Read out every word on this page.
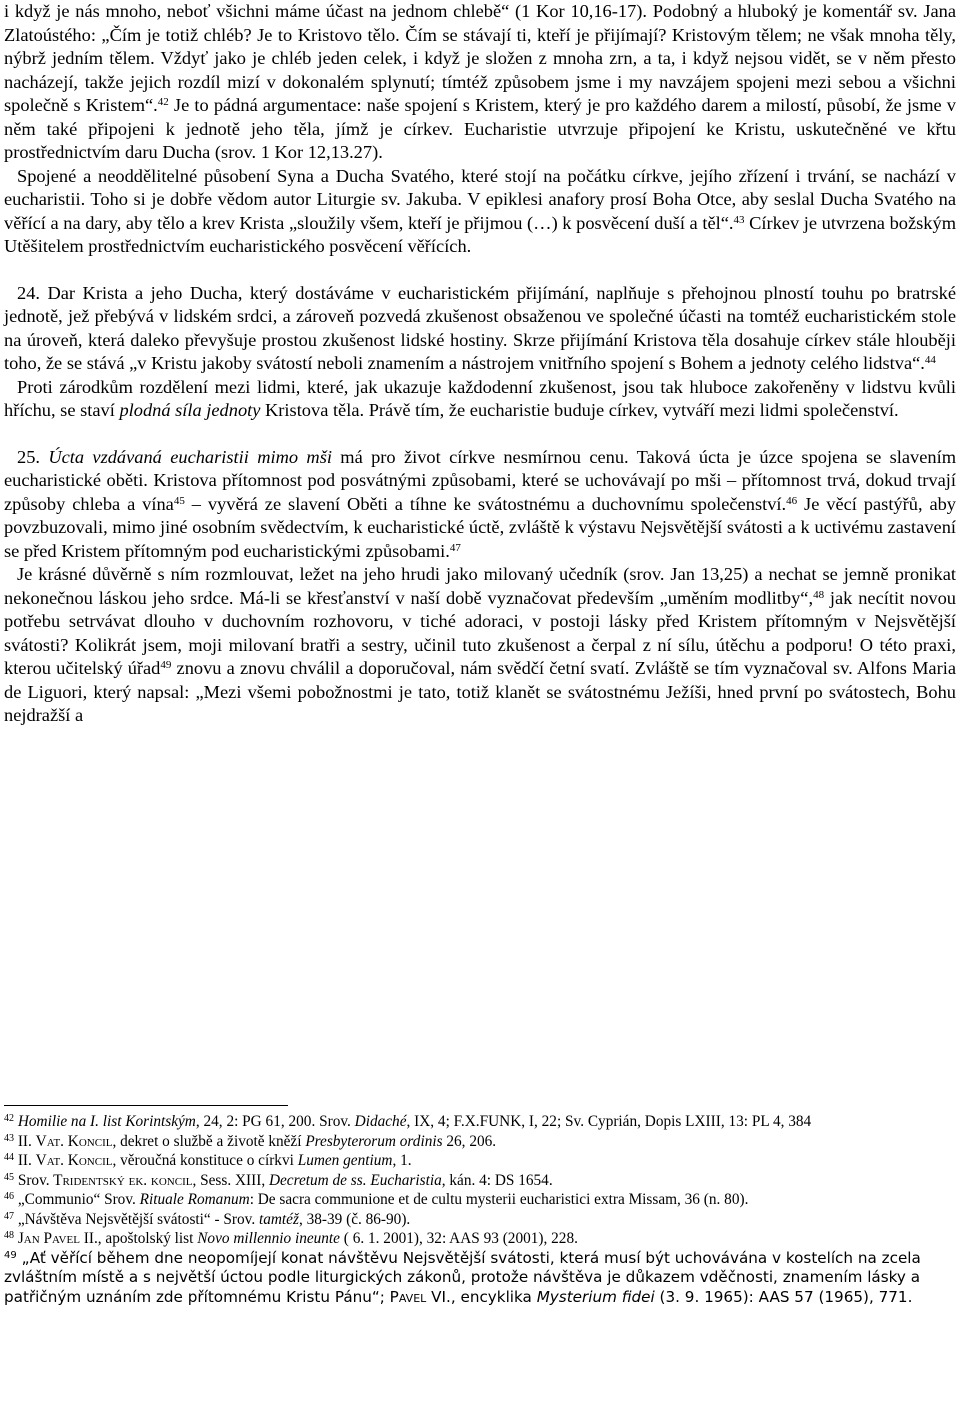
i když je nás mnoho, neboť všichni máme účast na jednom chlebě“ (1 Kor 10,16-17). Podobný a hluboký je komentář sv. Jana Zlatoústého: „Čím je totiž chléb? Je to Kristovo tělo. Čím se stávají ti, kteří je přijímají? Kristovým tělem; ne však mnoha těly, nýbrž jedním tělem. Vždyť jako je chléb jeden celek, i když je složen z mnoha zrn, a ta, i když nejsou vidět, se v něm přesto nacházejí, takže jejich rozdíl mizí v dokonalém splynutí; tímtéž způsobem jsme i my navzájem spojeni mezi sebou a všichni společně s Kristem“.$^{42}$ Je to pádná argumentace: naše spojení s Kristem, který je pro každého darem a milostí, působí, že jsme v něm také připojeni k jednotě jeho těla, jímž je církev. Eucharistie utvrzuje připojení ke Kristu, uskutečněné ve křtu prostřednictvím daru Ducha (srov. 1 Kor 12,13.27).

Spojené a neoddělitelné působení Syna a Ducha Svatého, které stojí na počátku církve, jejího zřízení i trvání, se nachází v eucharistii. Toho si je dobře vědom autor Liturgie sv. Jakuba. V epiklesi anafory prosí Boha Otce, aby seslal Ducha Svatého na věřící a na dary, aby tělo a krev Krista „sloužily všem, kteří je přijmou (…) k posvěcení duší a těl“.$^{43}$ Církev je utvrzena božským Utěšitelem prostřednictvím eucharistického posvěcení věřících.

24. Dar Krista a jeho Ducha, který dostáváme v eucharistickém přijímání, naplňuje s přehojnou plností touhu po bratrské jednotě, jež přebývá v lidském srdci, a zároveň pozvedá zkušenost obsaženou ve společné účasti na tomtéž eucharistickém stole na úroveň, která daleko převyšuje prostou zkušenost lidské hostiny. Skrze přijímání Kristova těla dosahuje církev stále hlouběji toho, že se stává „v Kristu jakoby svátostí neboli znamením a nástrojem vnitřního spojení s Bohem a jednoty celého lidstva“.$^{44}$

Proti zárodkům rozdělení mezi lidmi, které, jak ukazuje každodenní zkušenost, jsou tak hluboce zakořeněny v lidstvu kvůli hříchu, se staví plodná síla jednoty Kristova těla. Právě tím, že eucharistie buduje církev, vytváří mezi lidmi společenství.

25. Úcta vzdávaná eucharistii mimo mši má pro život církve nesmírnou cenu. Taková úcta je úzce spojena se slavením eucharistické oběti. Kristova přítomnost pod posvátnými způsobami, které se uchovávají po mši – přítomnost trvá, dokud trvají způsoby chleba a vína$^{45}$ – vyvěrá ze slavení Oběti a tíhne ke svátostnému a duchovnímu společenství.$^{46}$ Je věcí pastýřů, aby povzbuzovali, mimo jiné osobním svědectvím, k eucharistické úctě, zvláště k výstavu Nejsvětější svátosti a k uctivému zastavení se před Kristem přítomným pod eucharistickými způsobami.$^{47}$

Je krásné důvěrně s ním rozmlouvat, ležet na jeho hrudi jako milovaný učedník (srov. Jan 13,25) a nechat se jemně pronikat nekonečnou láskou jeho srdce. Má-li se křesťanství v naší době vyznačovat především „uměním modlitby“,$^{48}$ jak necítit novou potřebu setrvávat dlouho v duchovním rozhovoru, v tiché adoraci, v postoji lásky před Kristem přítomným v Nejsvětější svátosti? Kolikrát jsem, moji milovaní bratři a sestry, učinil tuto zkušenost a čerpal z ní sílu, útěchu a podporu! O této praxi, kterou učitelský úřad$^{49}$ znovu a znovu chválil a doporučoval, nám svědčí četní svatí. Zvláště se tím vyznačoval sv. Alfons Maria de Liguori, který napsal: „Mezi všemi pobožnostmi je tato, totiž klanět se svátostnému Ježíši, hned první po svátostech, Bohu nejdražší a

$^{42}$ Homilie na I. list Korintským, 24, 2: PG 61, 200. Srov. Didaché, IX, 4; F.X.FUNK, I, 22; Sv. Cyprián, Dopis LXIII, 13: PL 4, 384

$^{43}$ II. Vat. Koncil, dekret o službě a životě kněží Presbyterorum ordinis 26, 206.

$^{44}$ II. Vat. Koncil, věroučná konstituce o církvi Lumen gentium, 1.

$^{45}$ Srov. Tridentský ek. koncil, Sess. XIII, Decretum de ss. Eucharistia, kán. 4: DS 1654.

$^{46}$ „Communio“ Srov. Rituale Romanum: De sacra communione et de cultu mysterii eucharistici extra Missam, 36 (n. 80).

$^{47}$ „Návštěva Nejsvětější svátosti“ - Srov. tamtéž, 38-39 (č. 86-90).

$^{48}$ Jan Pavel II., apoštolský list Novo millennio ineunte ( 6. 1. 2001), 32: AAS 93 (2001), 228.

$^{49}$ „Ať věřící během dne neopomíjejí konat návštěvu Nejsvětější svátosti, která musí být uchovávána v kostelích na zcela zvláštním místě a s největší úctou podle liturgických zákonů, protože návštěva je důkazem vděčnosti, znamením lásky a patřičným uznáním zde přítomnému Kristu Pánu“; Pavel VI., encyklika Mysterium fidei (3. 9. 1965): AAS 57 (1965), 771.
